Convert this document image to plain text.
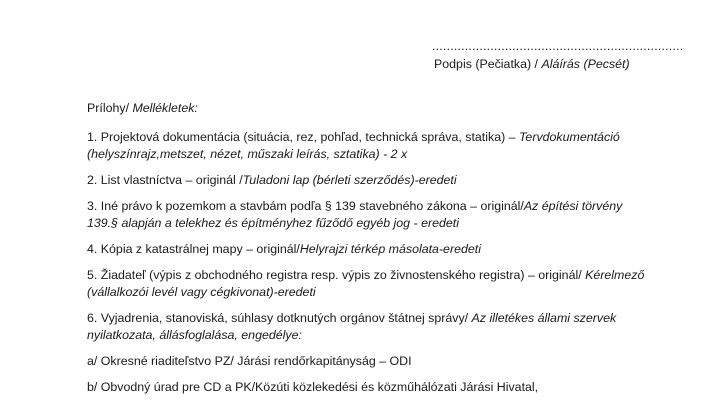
.....................................................................
Podpis (Pečiatka) / Aláírás (Pecsét)

Prílohy/ Mellékletek:

1. Projektová dokumentácia (situácia, rez, pohľad, technická správa, statika) – Tervdokumentáció (helyszínrajz,metszet, nézet, műszaki leírás, sztatika) - 2 x

2. List vlastníctva – originál /Tuladoni lap (bérleti szerződés)-eredeti

3. Iné právo k pozemkom a stavbám podľa § 139 stavebného zákona – originál/Az építési törvény 139.§ alapján a telekhez és építményhez fűződő egyéb jog - eredeti

4. Kópia z katastrálnej mapy – originál/Helyrajzi térkép másolata-eredeti

5. Žiadateľ (výpis z obchodného registra resp. výpis zo živnostenského registra) – originál/ Kérelmező (vállalkozói levél vagy cégkivonat)-eredeti

6. Vyjadrenia, stanoviská, súhlasy dotknutých orgánov štátnej správy/ Az illetékes állami szervek nyilatkozata, állásfoglalása, engedélye:

a/ Okresné riaditeľstvo PZ/ Járási rendőrkapitányság – ODI

b/ Obvodný úrad pre CD a PK/Közúti közlekedési és közműhálózati Járási Hivatal,
